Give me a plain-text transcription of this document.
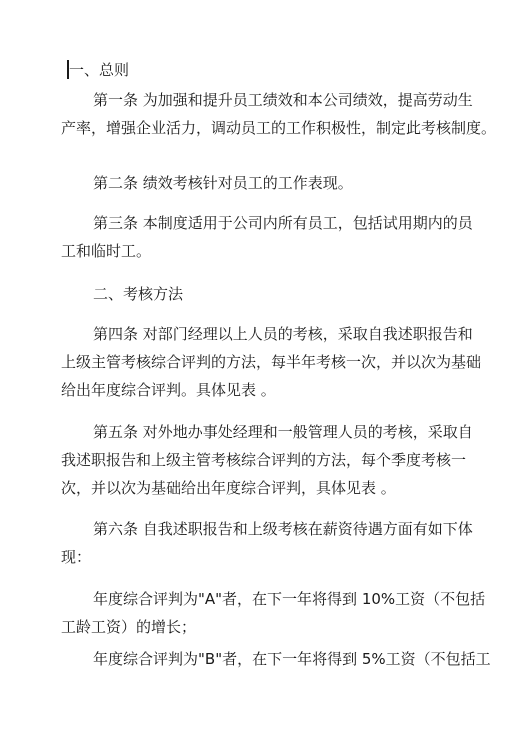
一、总则
第一条 为加强和提升员工绩效和本公司绩效，提高劳动生
产率，增强企业活力，调动员工的工作积极性，制定此考核制度。
第二条 绩效考核针对员工的工作表现。
第三条 本制度适用于公司内所有员工，包括试用期内的员
工和临时工。
二、考核方法
第四条 对部门经理以上人员的考核，采取自我述职报告和
上级主管考核综合评判的方法，每半年考核一次，并以次为基础
给出年度综合评判。具体见表 。
第五条 对外地办事处经理和一般管理人员的考核，采取自
我述职报告和上级主管考核综合评判的方法，每个季度考核一
次，并以次为基础给出年度综合评判，具体见表 。
第六条 自我述职报告和上级考核在薪资待遇方面有如下体
现：
年度综合评判为"A"者，在下一年将得到 10%工资（不包括
工龄工资）的增长；
年度综合评判为"B"者，在下一年将得到 5%工资（不包括工
